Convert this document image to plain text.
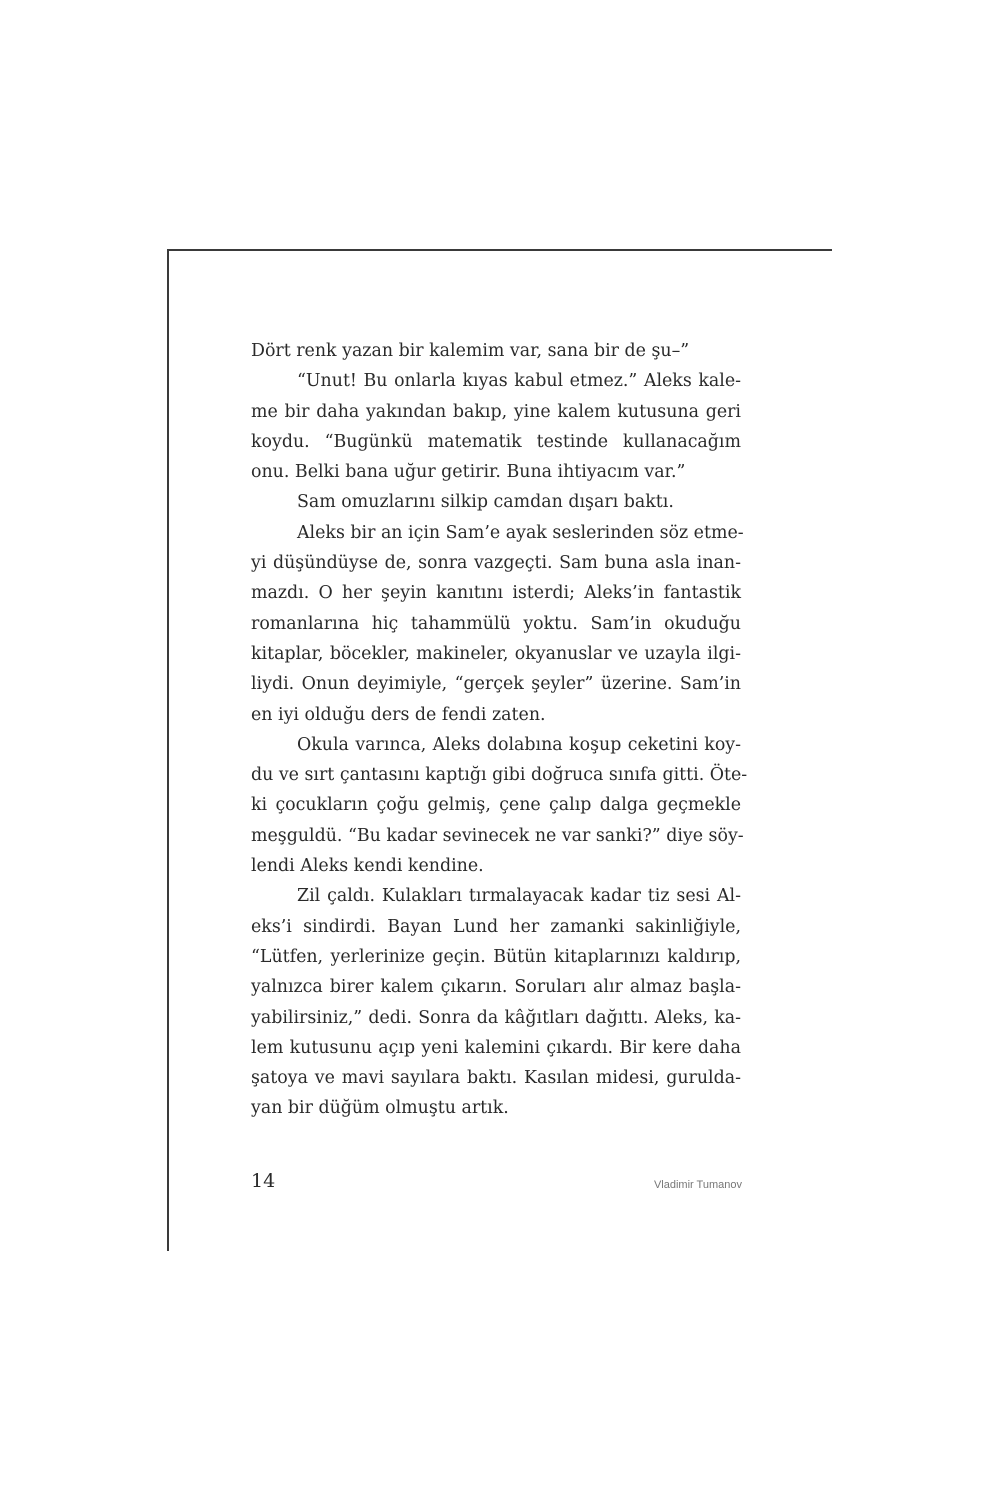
Dört renk yazan bir kalemim var, sana bir de şu–”
“Unut! Bu onlarla kıyas kabul etmez.” Aleks kale-
me bir daha yakından bakıp, yine kalem kutusuna geri
koydu. “Bugünkü matematik testinde kullanacağım
onu. Belki bana uğur getirir. Buna ihtiyacım var.”
Sam omuzlarını silkip camdan dışarı baktı.
Aleks bir an için Sam’e ayak seslerinden söz etme-
yi düşündüyse de, sonra vazgeçti. Sam buna asla inan-
mazdı. O her şeyin kanıtını isterdi; Aleks’in fantastik
romanlarına hiç tahammülü yoktu. Sam’in okuduğu
kitaplar, böcekler, makineler, okyanuslar ve uzayla ilgi-
liydi. Onun deyimiyle, “gerçek şeyler” üzerine. Sam’in
en iyi olduğu ders de fendi zaten.
Okula varınca, Aleks dolabına koşup ceketini koy-
du ve sırt çantasını kaptığı gibi doğruca sınıfa gitti. Öte-
ki çocukların çoğu gelmiş, çene çalıp dalga geçmekle
meşguldü. “Bu kadar sevinecek ne var sanki?” diye söy-
lendi Aleks kendi kendine.
Zil çaldı. Kulakları tırmalayacak kadar tiz sesi Al-
eks’i sindirdi. Bayan Lund her zamanki sakinliğiyle,
“Lütfen, yerlerinize geçin. Bütün kitaplarınızı kaldırıp,
yalnızca birer kalem çıkarın. Soruları alır almaz başla-
yabilirsiniz,” dedi. Sonra da kâğıtları dağıttı. Aleks, ka-
lem kutusunu açıp yeni kalemini çıkardı. Bir kere daha
şatoya ve mavi sayılara baktı. Kasılan midesi, gurulda-
yan bir düğüm olmuştu artık.
14	Vladimir Tumanov
